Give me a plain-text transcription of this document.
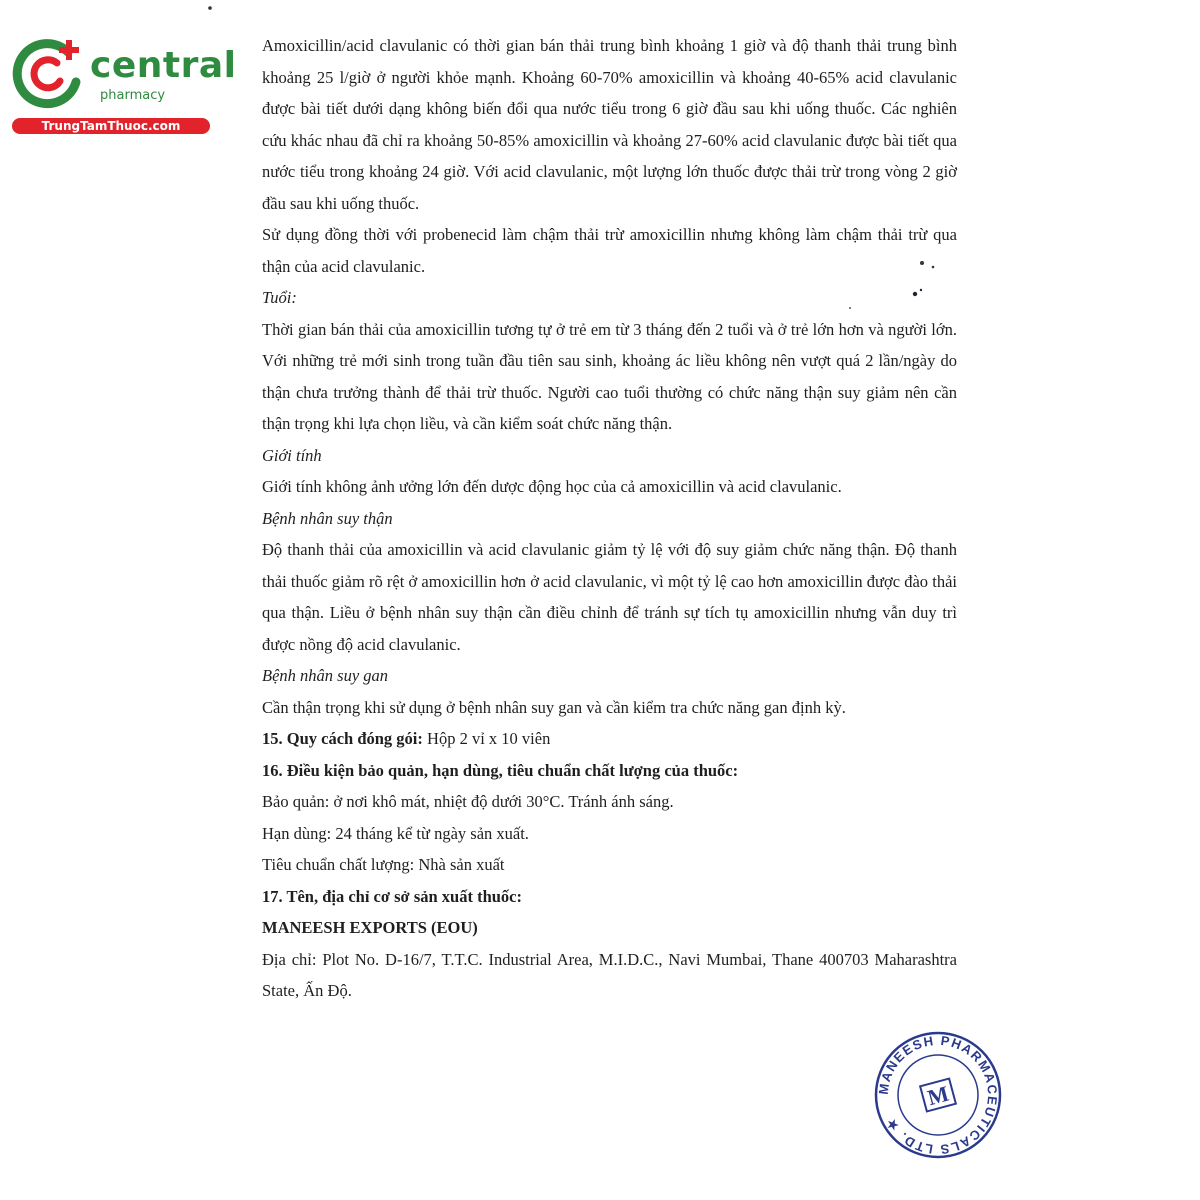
central
pharmacy
TrungTamThuoc.com

Amoxicillin/acid clavulanic có thời gian bán thải trung bình khoảng 1 giờ và độ thanh thải trung bình khoảng 25 l/giờ ở người khỏe mạnh. Khoảng 60-70% amoxicillin và khoảng 40-65% acid clavulanic được bài tiết dưới dạng không biến đổi qua nước tiểu trong 6 giờ đầu sau khi uống thuốc. Các nghiên cứu khác nhau đã chỉ ra khoảng 50-85% amoxicillin và khoảng 27-60% acid clavulanic được bài tiết qua nước tiểu trong khoảng 24 giờ. Với acid clavulanic, một lượng lớn thuốc được thải trừ trong vòng 2 giờ đầu sau khi uống thuốc.

Sử dụng đồng thời với probenecid làm chậm thải trừ amoxicillin nhưng không làm chậm thải trừ qua thận của acid clavulanic.

Tuổi:

Thời gian bán thải của amoxicillin tương tự ở trẻ em từ 3 tháng đến 2 tuổi và ở trẻ lớn hơn và người lớn. Với những trẻ mới sinh trong tuần đầu tiên sau sinh, khoảng ác liều không nên vượt quá 2 lần/ngày do thận chưa trưởng thành để thải trừ thuốc. Người cao tuổi thường có chức năng thận suy giảm nên cần thận trọng khi lựa chọn liều, và cần kiểm soát chức năng thận.

Giới tính

Giới tính không ảnh ưởng lớn đến dược động học của cả amoxicillin và acid clavulanic.

Bệnh nhân suy thận

Độ thanh thải của amoxicillin và acid clavulanic giảm tỷ lệ với độ suy giảm chức năng thận. Độ thanh thải thuốc giảm rõ rệt ở amoxicillin hơn ở acid clavulanic, vì một tỷ lệ cao hơn amoxicillin được đào thải qua thận. Liều ở bệnh nhân suy thận cần điều chỉnh để tránh sự tích tụ amoxicillin nhưng vẫn duy trì được nồng độ acid clavulanic.

Bệnh nhân suy gan

Cần thận trọng khi sử dụng ở bệnh nhân suy gan và cần kiểm tra chức năng gan định kỳ.

15. Quy cách đóng gói: Hộp 2 vỉ x 10 viên

16. Điều kiện bảo quản, hạn dùng, tiêu chuẩn chất lượng của thuốc:

Bảo quản: ở nơi khô mát, nhiệt độ dưới 30°C. Tránh ánh sáng.

Hạn dùng: 24 tháng kể từ ngày sản xuất.

Tiêu chuẩn chất lượng: Nhà sản xuất

17. Tên, địa chỉ cơ sở sản xuất thuốc:

MANEESH EXPORTS (EOU)

Địa chỉ: Plot No. D-16/7, T.T.C. Industrial Area, M.I.D.C., Navi Mumbai, Thane 400703 Maharashtra State, Ấn Độ.

MANEESH PHARMACEUTICALS LTD. ★
M
